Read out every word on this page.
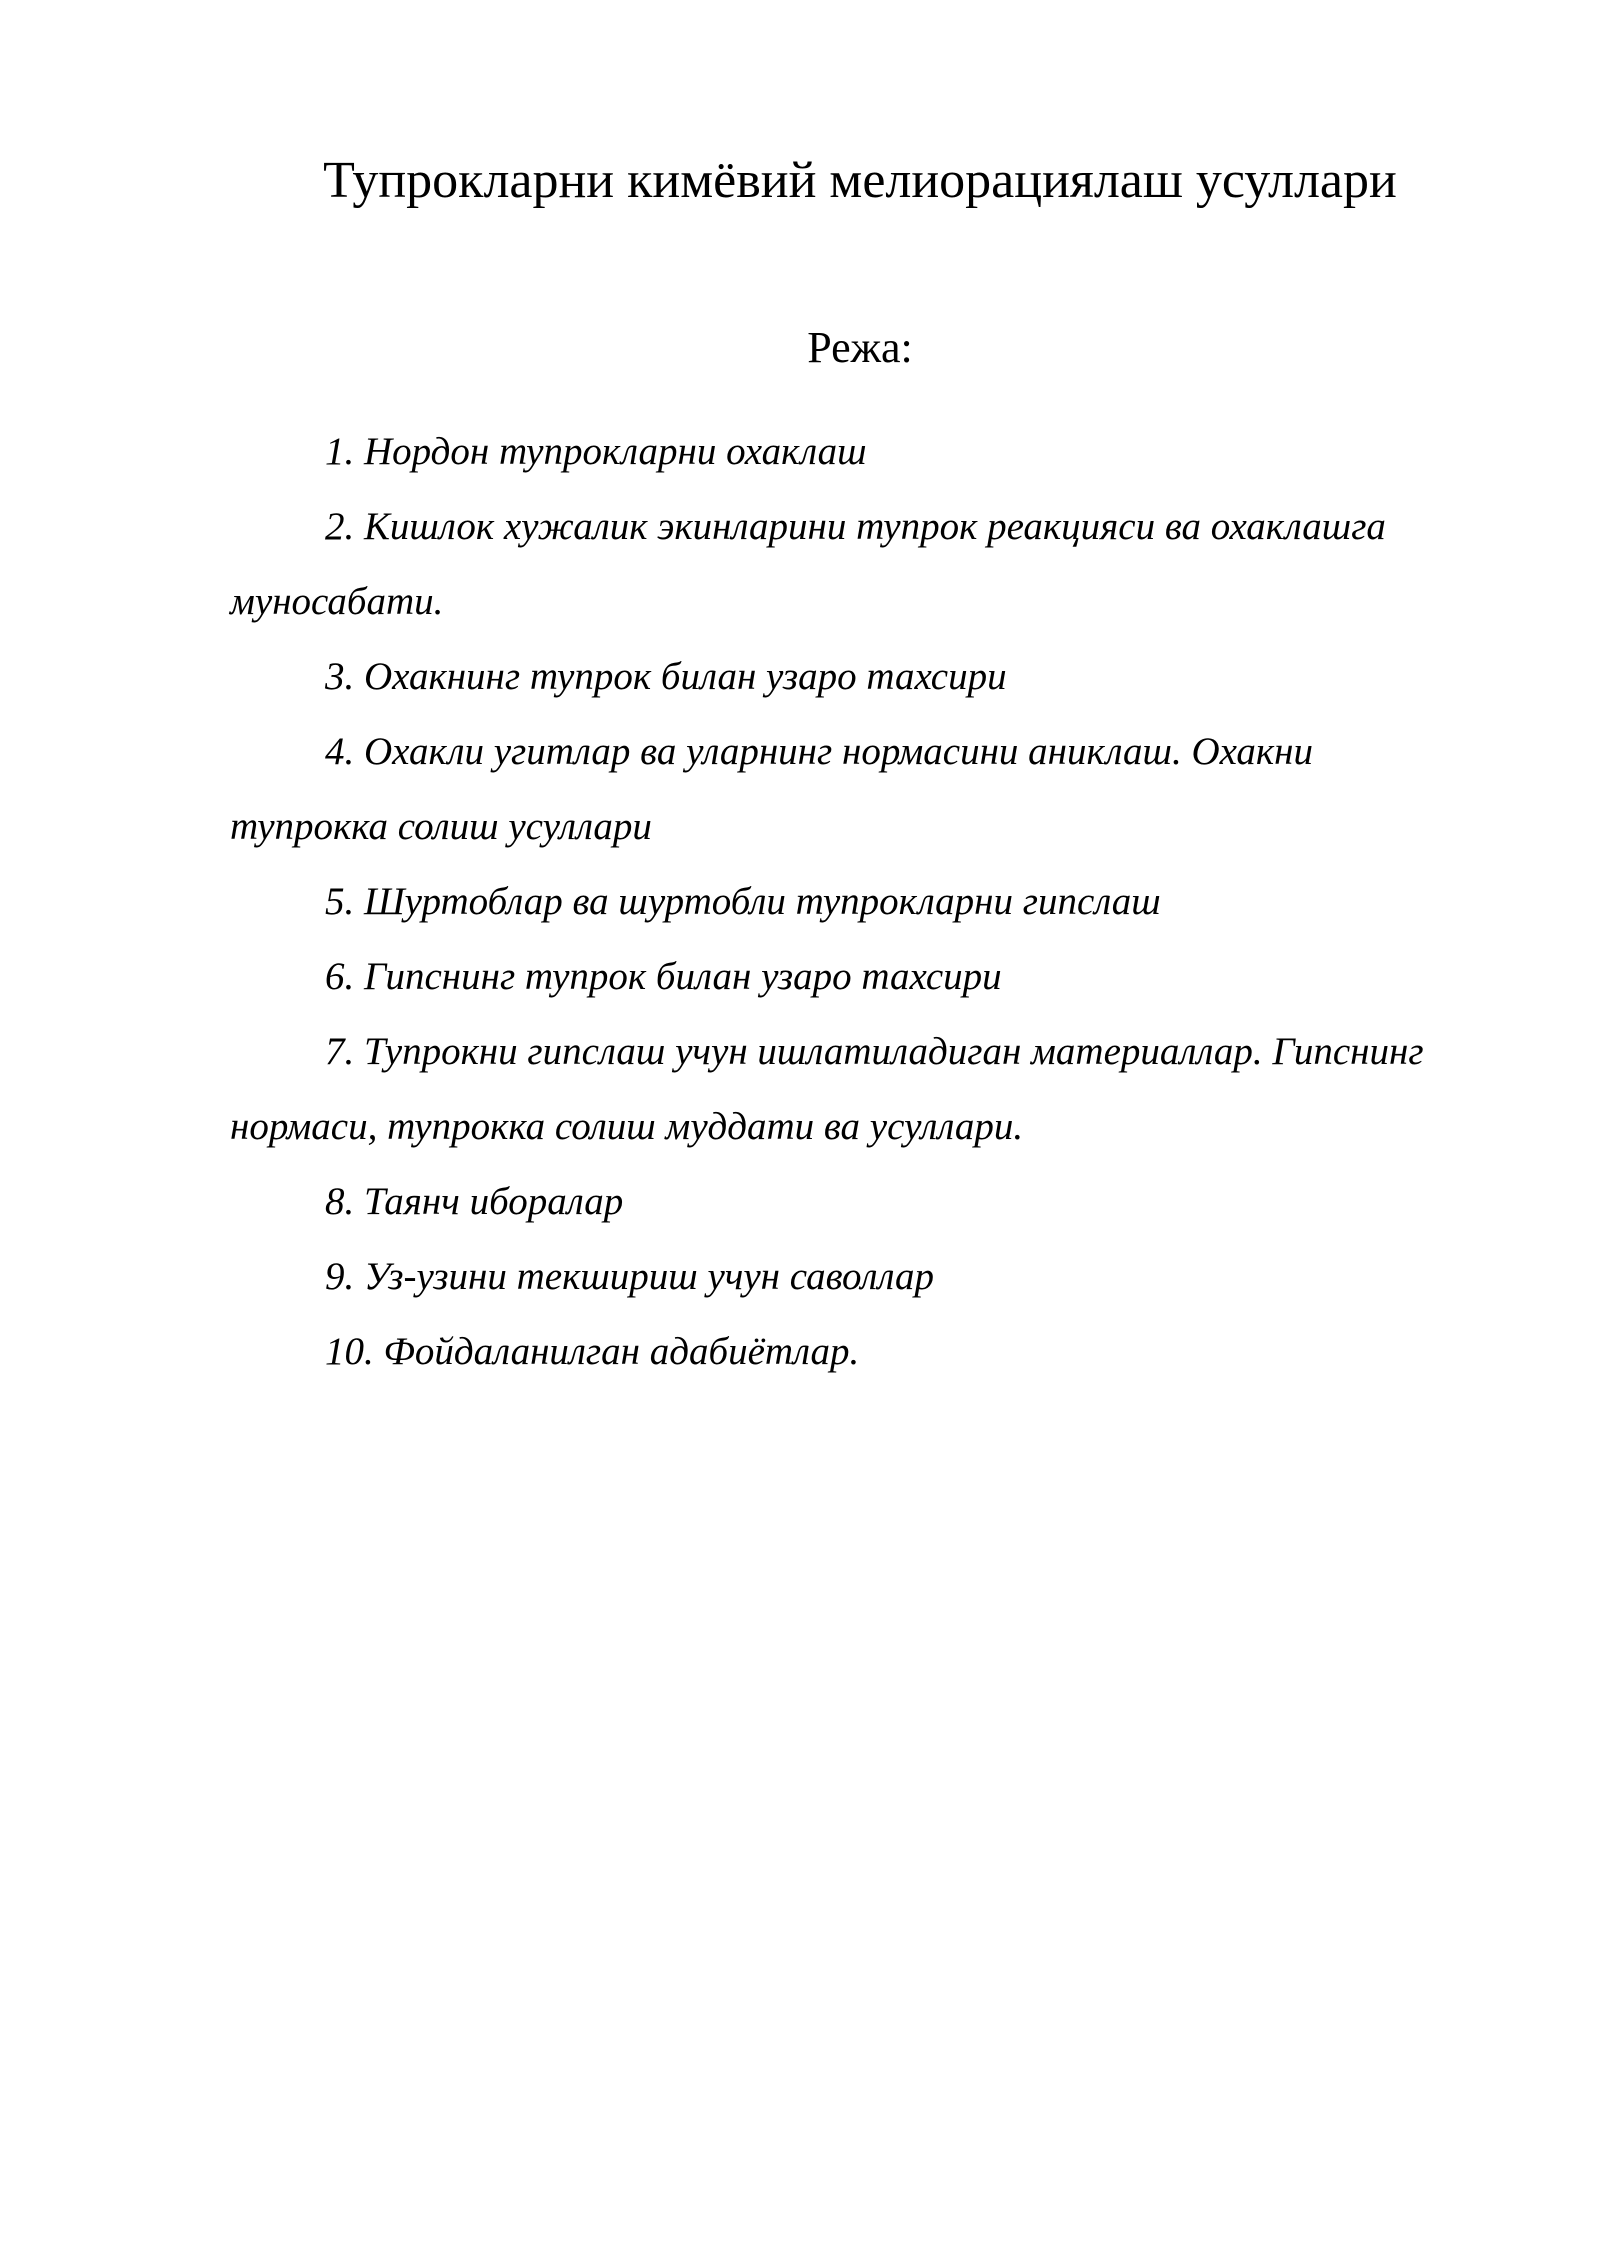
Тупрокларни кимёвий мелиорациялаш усуллари

Режа:

1. Нордон тупрокларни охаклаш
2. Кишлок хужалик экинларини тупрок реакцияси ва охаклашга муносабати.
3. Охакнинг тупрок билан узаро тахсири
4. Охакли угитлар ва уларнинг нормасини аниклаш. Охакни тупрокка солиш усуллари
5. Шуртоблар ва шуртобли тупрокларни гипслаш
6. Гипснинг тупрок билан узаро тахсири
7. Тупрокни гипслаш учун ишлатиладиган материаллар. Гипснинг нормаси, тупрокка солиш муддати ва усуллари.
8. Таянч иборалар
9. Уз-узини текшириш учун саволлар
10. Фойдаланилган адабиётлар.
